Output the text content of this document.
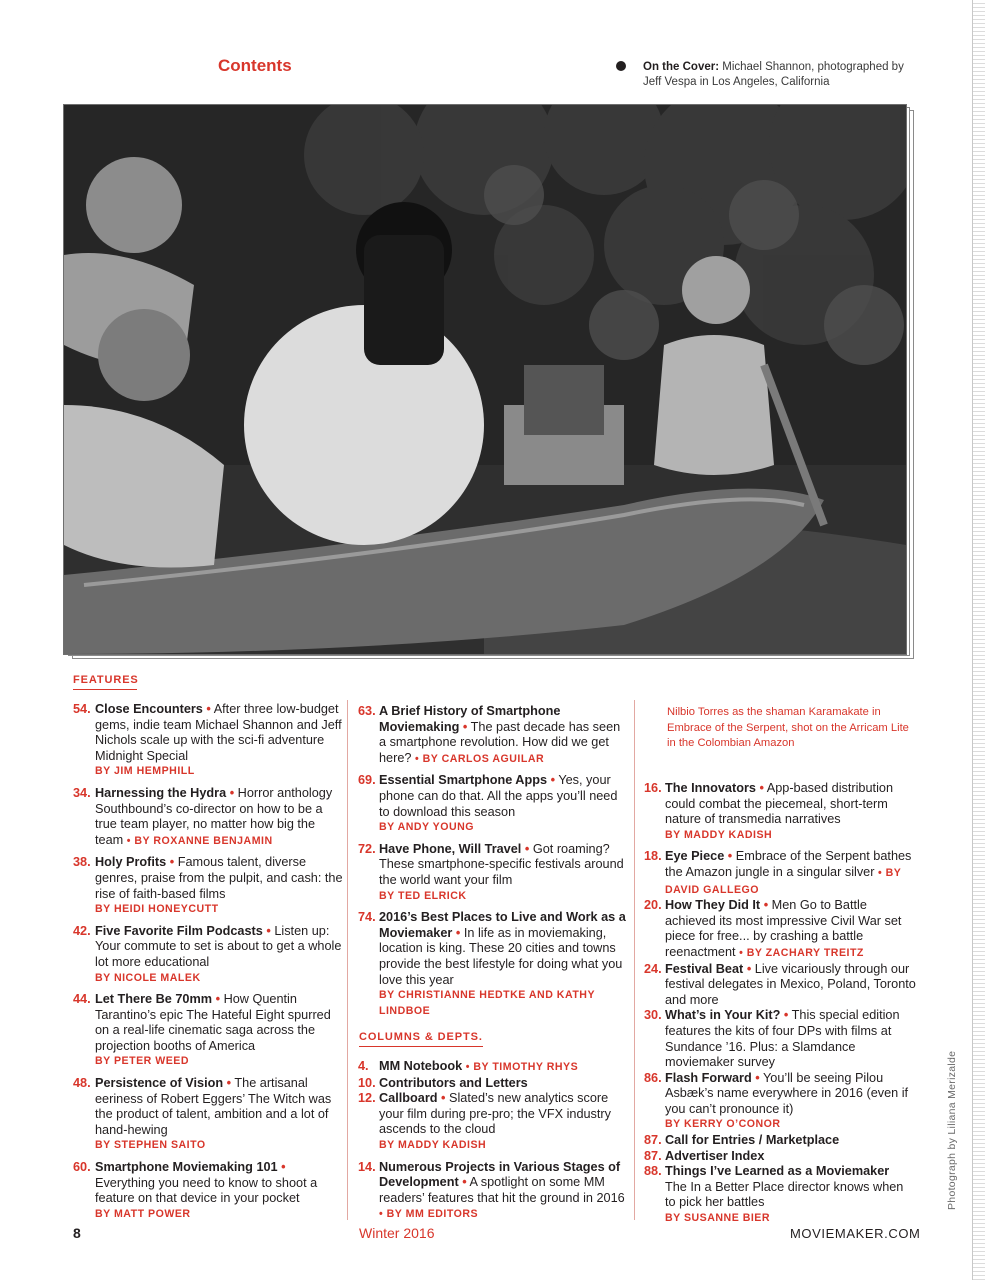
Contents	On the Cover: Michael Shannon, photographed by Jeff Vespa in Los Angeles, California
FEATURES
54. Close Encounters • After three low-budget gems, indie team Michael Shannon and Jeff Nichols scale up with the sci-fi adventure Midnight Special
BY JIM HEMPHILL
34. Harnessing the Hydra • Horror anthology Southbound’s co-director on how to be a true team player, no matter how big the team • BY ROXANNE BENJAMIN
38. Holy Profits • Famous talent, diverse genres, praise from the pulpit, and cash: the rise of faith-based films
BY HEIDI HONEYCUTT
42. Five Favorite Film Podcasts • Listen up: Your commute to set is about to get a whole lot more educational
BY NICOLE MALEK
44. Let There Be 70mm • How Quentin Tarantino’s epic The Hateful Eight spurred on a real-life cinematic saga across the projection booths of America
BY PETER WEED
48. Persistence of Vision • The artisanal eeriness of Robert Eggers’ The Witch was the product of talent, ambition and a lot of hand-hewing
BY STEPHEN SAITO
60. Smartphone Moviemaking 101 • Everything you need to know to shoot a feature on that device in your pocket
BY MATT POWER
63. A Brief History of Smartphone Moviemaking • The past decade has seen a smartphone revolution. How did we get here? • BY CARLOS AGUILAR
69. Essential Smartphone Apps • Yes, your phone can do that. All the apps you’ll need to download this season
BY ANDY YOUNG
72. Have Phone, Will Travel • Got roaming? These smartphone-specific festivals around the world want your film
BY TED ELRICK
74. 2016’s Best Places to Live and Work as a Moviemaker • In life as in moviemaking, location is king. These 20 cities and towns provide the best lifestyle for doing what you love this year
BY CHRISTIANNE HEDTKE AND KATHY LINDBOE
COLUMNS & DEPTS.
4. MM Notebook • BY TIMOTHY RHYS
10. Contributors and Letters
12. Callboard • Slated’s new analytics score your film during pre-pro; the VFX industry ascends to the cloud
BY MADDY KADISH
14. Numerous Projects in Various Stages of Development • A spotlight on some MM readers’ features that hit the ground in 2016 • BY MM EDITORS
Nilbio Torres as the shaman Karamakate in Embrace of the Serpent, shot on the Arricam Lite in the Colombian Amazon
16. The Innovators • App-based distribution could combat the piecemeal, short-term nature of transmedia narratives
BY MADDY KADISH
18. Eye Piece • Embrace of the Serpent bathes the Amazon jungle in a singular silver • BY DAVID GALLEGO
20. How They Did It • Men Go to Battle achieved its most impressive Civil War set piece for free... by crashing a battle reenactment • BY ZACHARY TREITZ
24. Festival Beat • Live vicariously through our festival delegates in Mexico, Poland, Toronto and more
30. What’s in Your Kit? • This special edition features the kits of four DPs with films at Sundance ’16. Plus: a Slamdance moviemaker survey
86. Flash Forward • You’ll be seeing Pilou Asbæk’s name everywhere in 2016 (even if you can’t pronounce it)
BY KERRY O’CONOR
87. Call for Entries / Marketplace
87. Advertiser Index
88. Things I’ve Learned as a Moviemaker
The In a Better Place director knows when to pick her battles
BY SUSANNE BIER
Photograph by Liliana Merizalde
8	Winter 2016	MOVIEMAKER.COM
